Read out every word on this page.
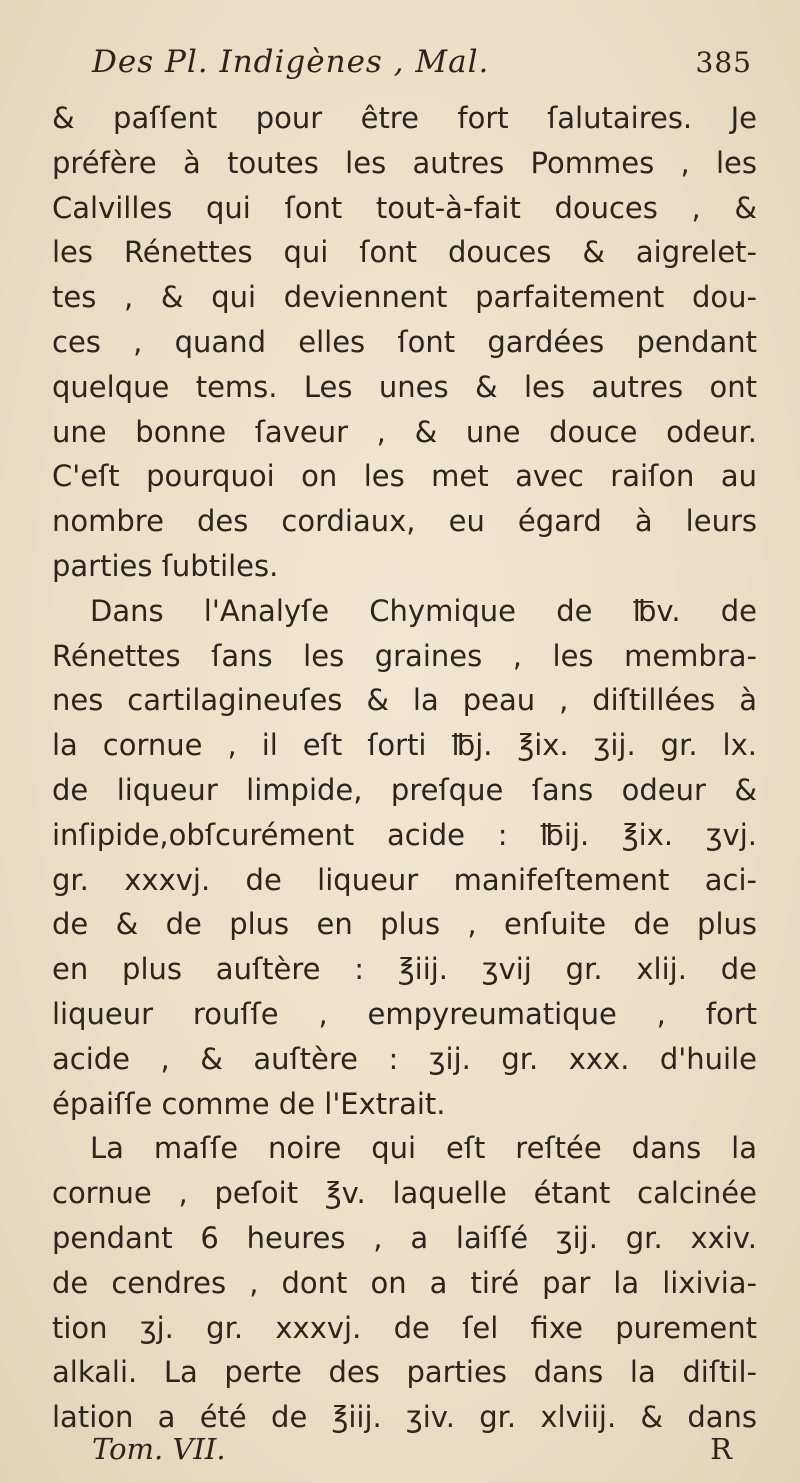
Des Pl. Indigènes , Mal.	385
& paſſent pour être fort ſalutaires. Je
préfère à toutes les autres Pommes , les
Calvilles qui ſont tout-à-fait douces , &
les Rénettes qui ſont douces & aigrelet-
tes , & qui deviennent parfaitement dou-
ces , quand elles ſont gardées pendant
quelque tems. Les unes & les autres ont
une bonne ſaveur , & une douce odeur.
C'eſt pourquoi on les met avec raiſon au
nombre des cordiaux, eu égard à leurs
parties ſubtiles.
Dans l'Analyſe Chymique de ℔v. de
Rénettes ſans les graines , les membra-
nes cartilagineuſes & la peau , diſtillées à
la cornue , il eſt ſorti ℔j. ℥ix. ʒij. gr. lx.
de liqueur limpide, preſque ſans odeur &
inſipide,obſcurément acide : ℔ij. ℥ix. ʒvj.
gr. xxxvj. de liqueur manifeſtement aci-
de & de plus en plus , enſuite de plus
en plus auſtère : ℥iij. ʒvij gr. xlij. de
liqueur rouſſe , empyreumatique , fort
acide , & auſtère : ʒij. gr. xxx. d'huile
épaiſſe comme de l'Extrait.
La maſſe noire qui eſt reſtée dans la
cornue , peſoit ℥v. laquelle étant calcinée
pendant 6 heures , a laiſſé ʒij. gr. xxiv.
de cendres , dont on a tiré par la lixivia-
tion ʒj. gr. xxxvj. de ſel fixe purement
alkali. La perte des parties dans la diſtil-
lation a été de ℥iij. ʒiv. gr. xlviij. & dans
Tom. VII.	R
